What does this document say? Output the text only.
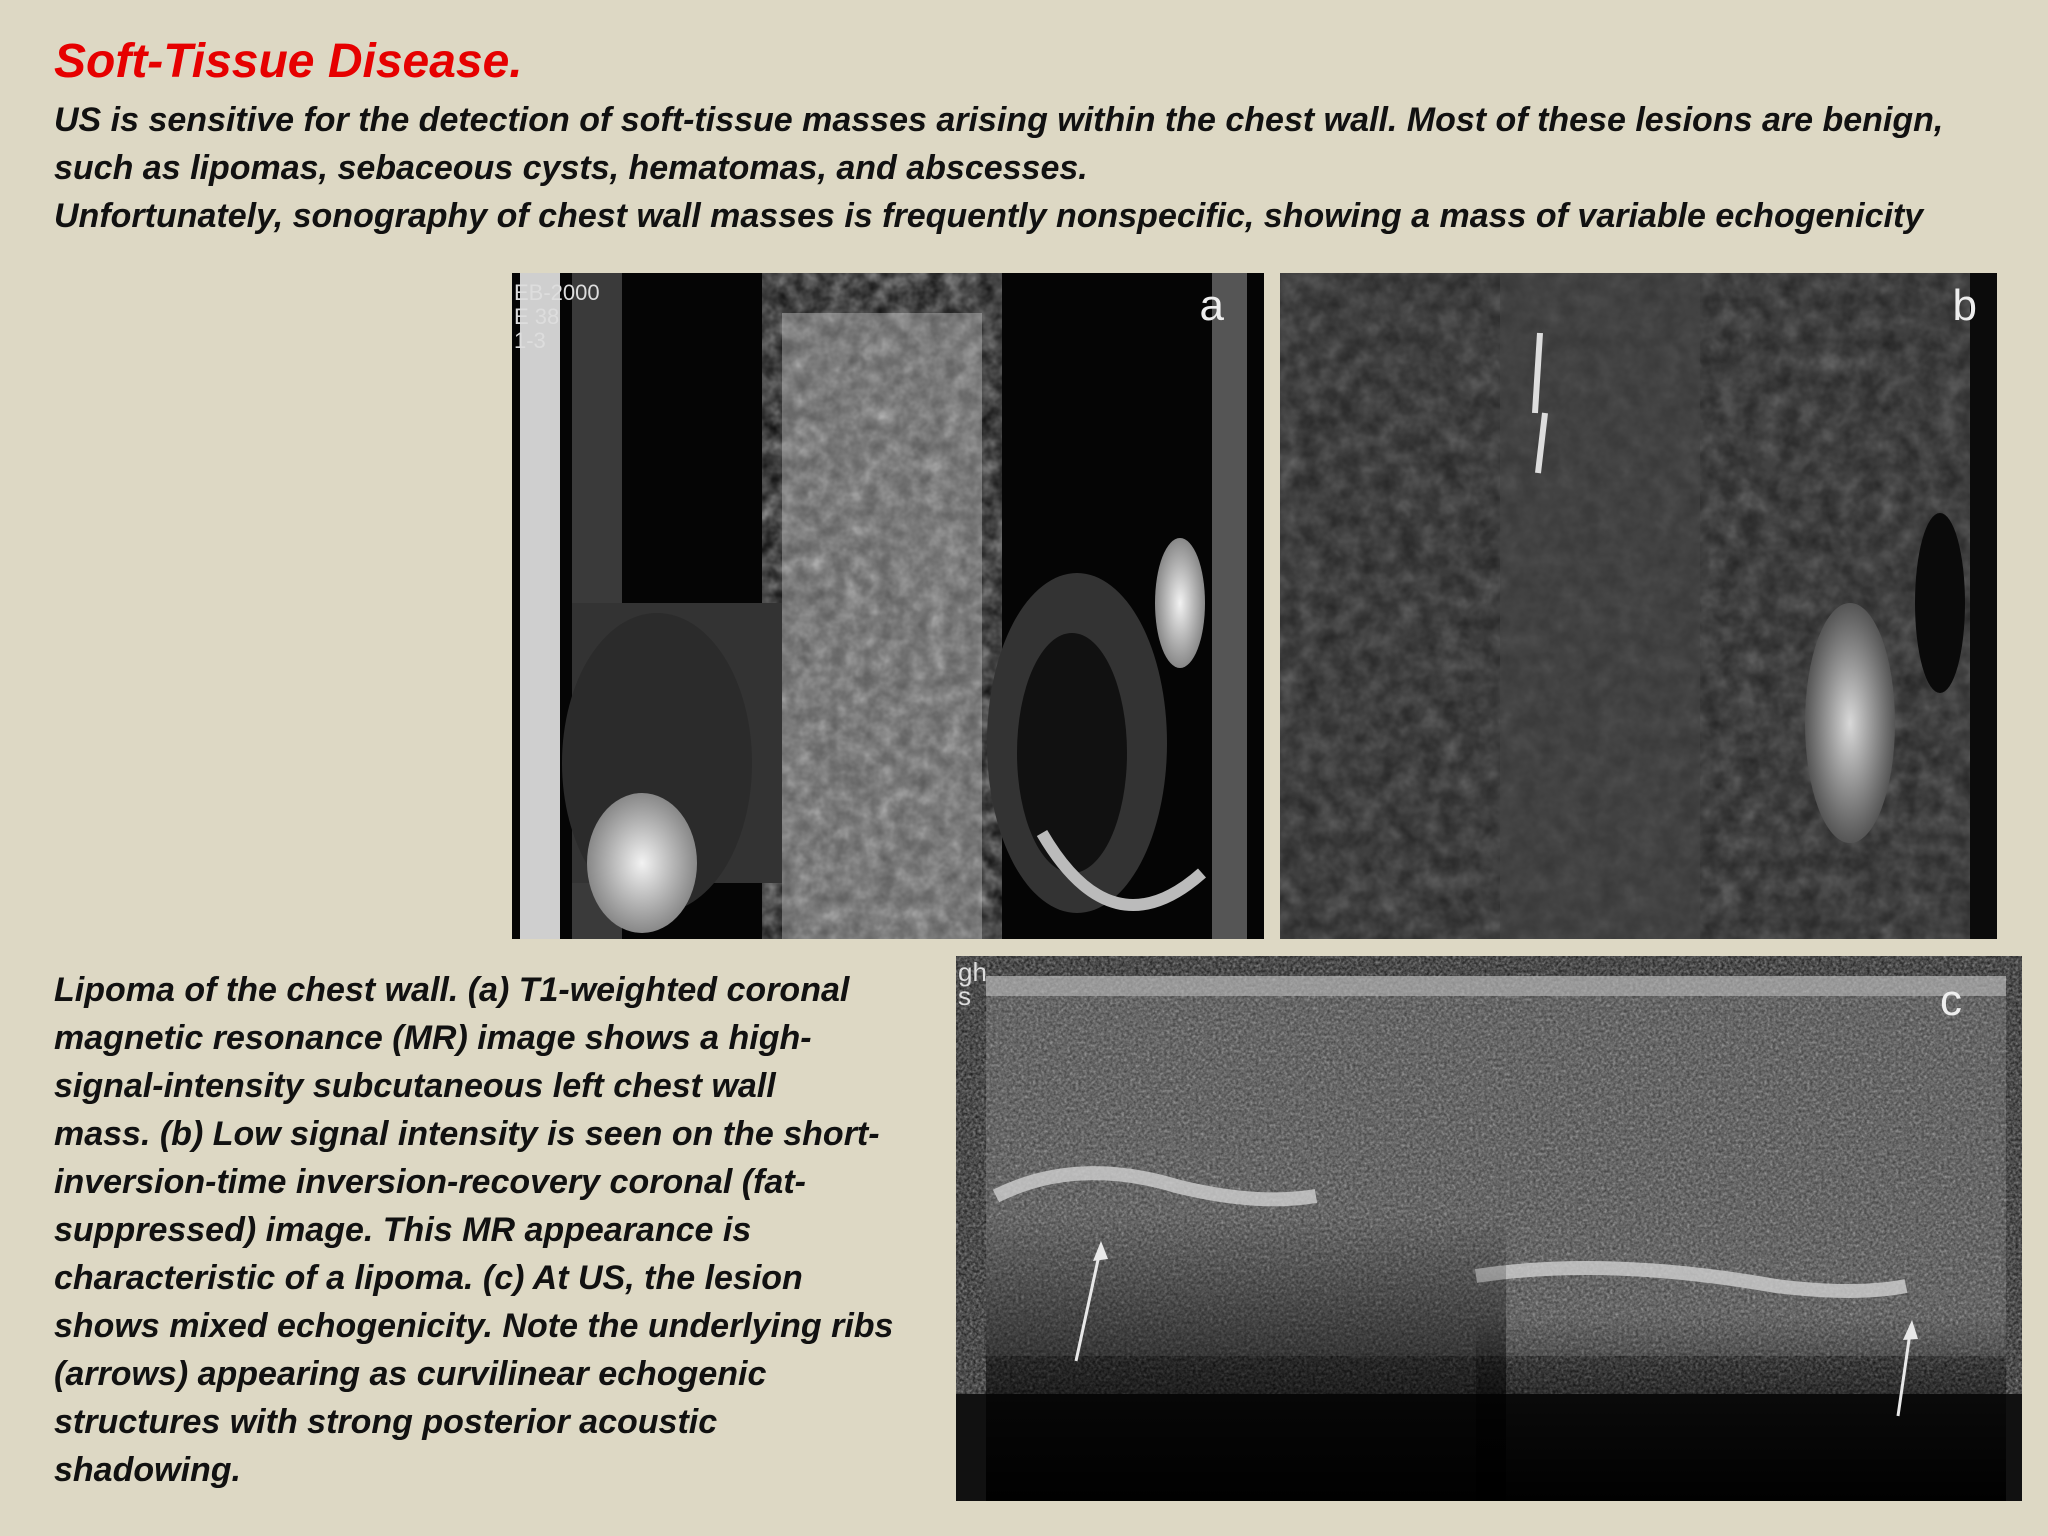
Soft-Tissue Disease.
US is sensitive for the detection of soft-tissue masses arising within the chest wall. Most of these lesions are benign,
such as lipomas, sebaceous cysts, hematomas, and abscesses.
Unfortunately, sonography of chest wall masses is frequently nonspecific, showing a mass of variable echogenicity
EB-2000
E 38
1-3
a	b
gh
s	c
Lipoma of the chest wall. (a) T1-weighted coronal
magnetic resonance (MR) image shows a high-
signal-intensity subcutaneous left chest wall
mass. (b) Low signal intensity is seen on the short-
inversion-time inversion-recovery coronal (fat-
suppressed) image. This MR appearance is
characteristic of a lipoma. (c) At US, the lesion
shows mixed echogenicity. Note the underlying ribs
(arrows) appearing as curvilinear echogenic
structures with strong posterior acoustic
shadowing.
